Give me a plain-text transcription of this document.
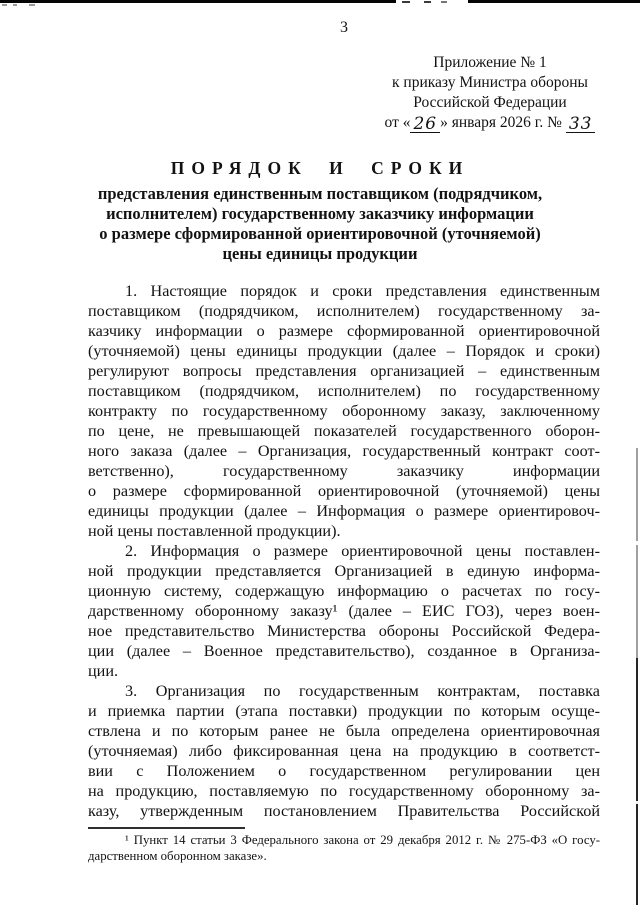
3
Приложение № 1
к приказу Министра обороны
Российской Федерации
от « 26 » января 2026 г. № 33
ПОРЯДОК И СРОКИ
представления единственным поставщиком (подрядчиком,
исполнителем) государственному заказчику информации
о размере сформированной ориентировочной (уточняемой)
цены единицы продукции
1. Настоящие порядок и сроки представления единственным
поставщиком (подрядчиком, исполнителем) государственному за-
казчику информации о размере сформированной ориентировочной
(уточняемой) цены единицы продукции (далее – Порядок и сроки)
регулируют вопросы представления организацией – единственным
поставщиком (подрядчиком, исполнителем) по государственному
контракту по государственному оборонному заказу, заключенному
по цене, не превышающей показателей государственного оборон-
ного заказа (далее – Организация, государственный контракт соот-
ветственно), государственному заказчику информации
о размере сформированной ориентировочной (уточняемой) цены
единицы продукции (далее – Информация о размере ориентировоч-
ной цены поставленной продукции).
2. Информация о размере ориентировочной цены поставлен-
ной продукции представляется Организацией в единую информа-
ционную систему, содержащую информацию о расчетах по госу-
дарственному оборонному заказу¹ (далее – ЕИС ГОЗ), через воен-
ное представительство Министерства обороны Российской Федера-
ции (далее – Военное представительство), созданное в Организа-
ции.
3. Организация по государственным контрактам, поставка
и приемка партии (этапа поставки) продукции по которым осуще-
ствлена и по которым ранее не была определена ориентировочная
(уточняемая) либо фиксированная цена на продукцию в соответст-
вии с Положением о государственном регулировании цен
на продукцию, поставляемую по государственному оборонному за-
казу, утвержденным постановлением Правительства Российской
¹ Пункт 14 статьи 3 Федерального закона от 29 декабря 2012 г. № 275-ФЗ «О госу-
дарственном оборонном заказе».
